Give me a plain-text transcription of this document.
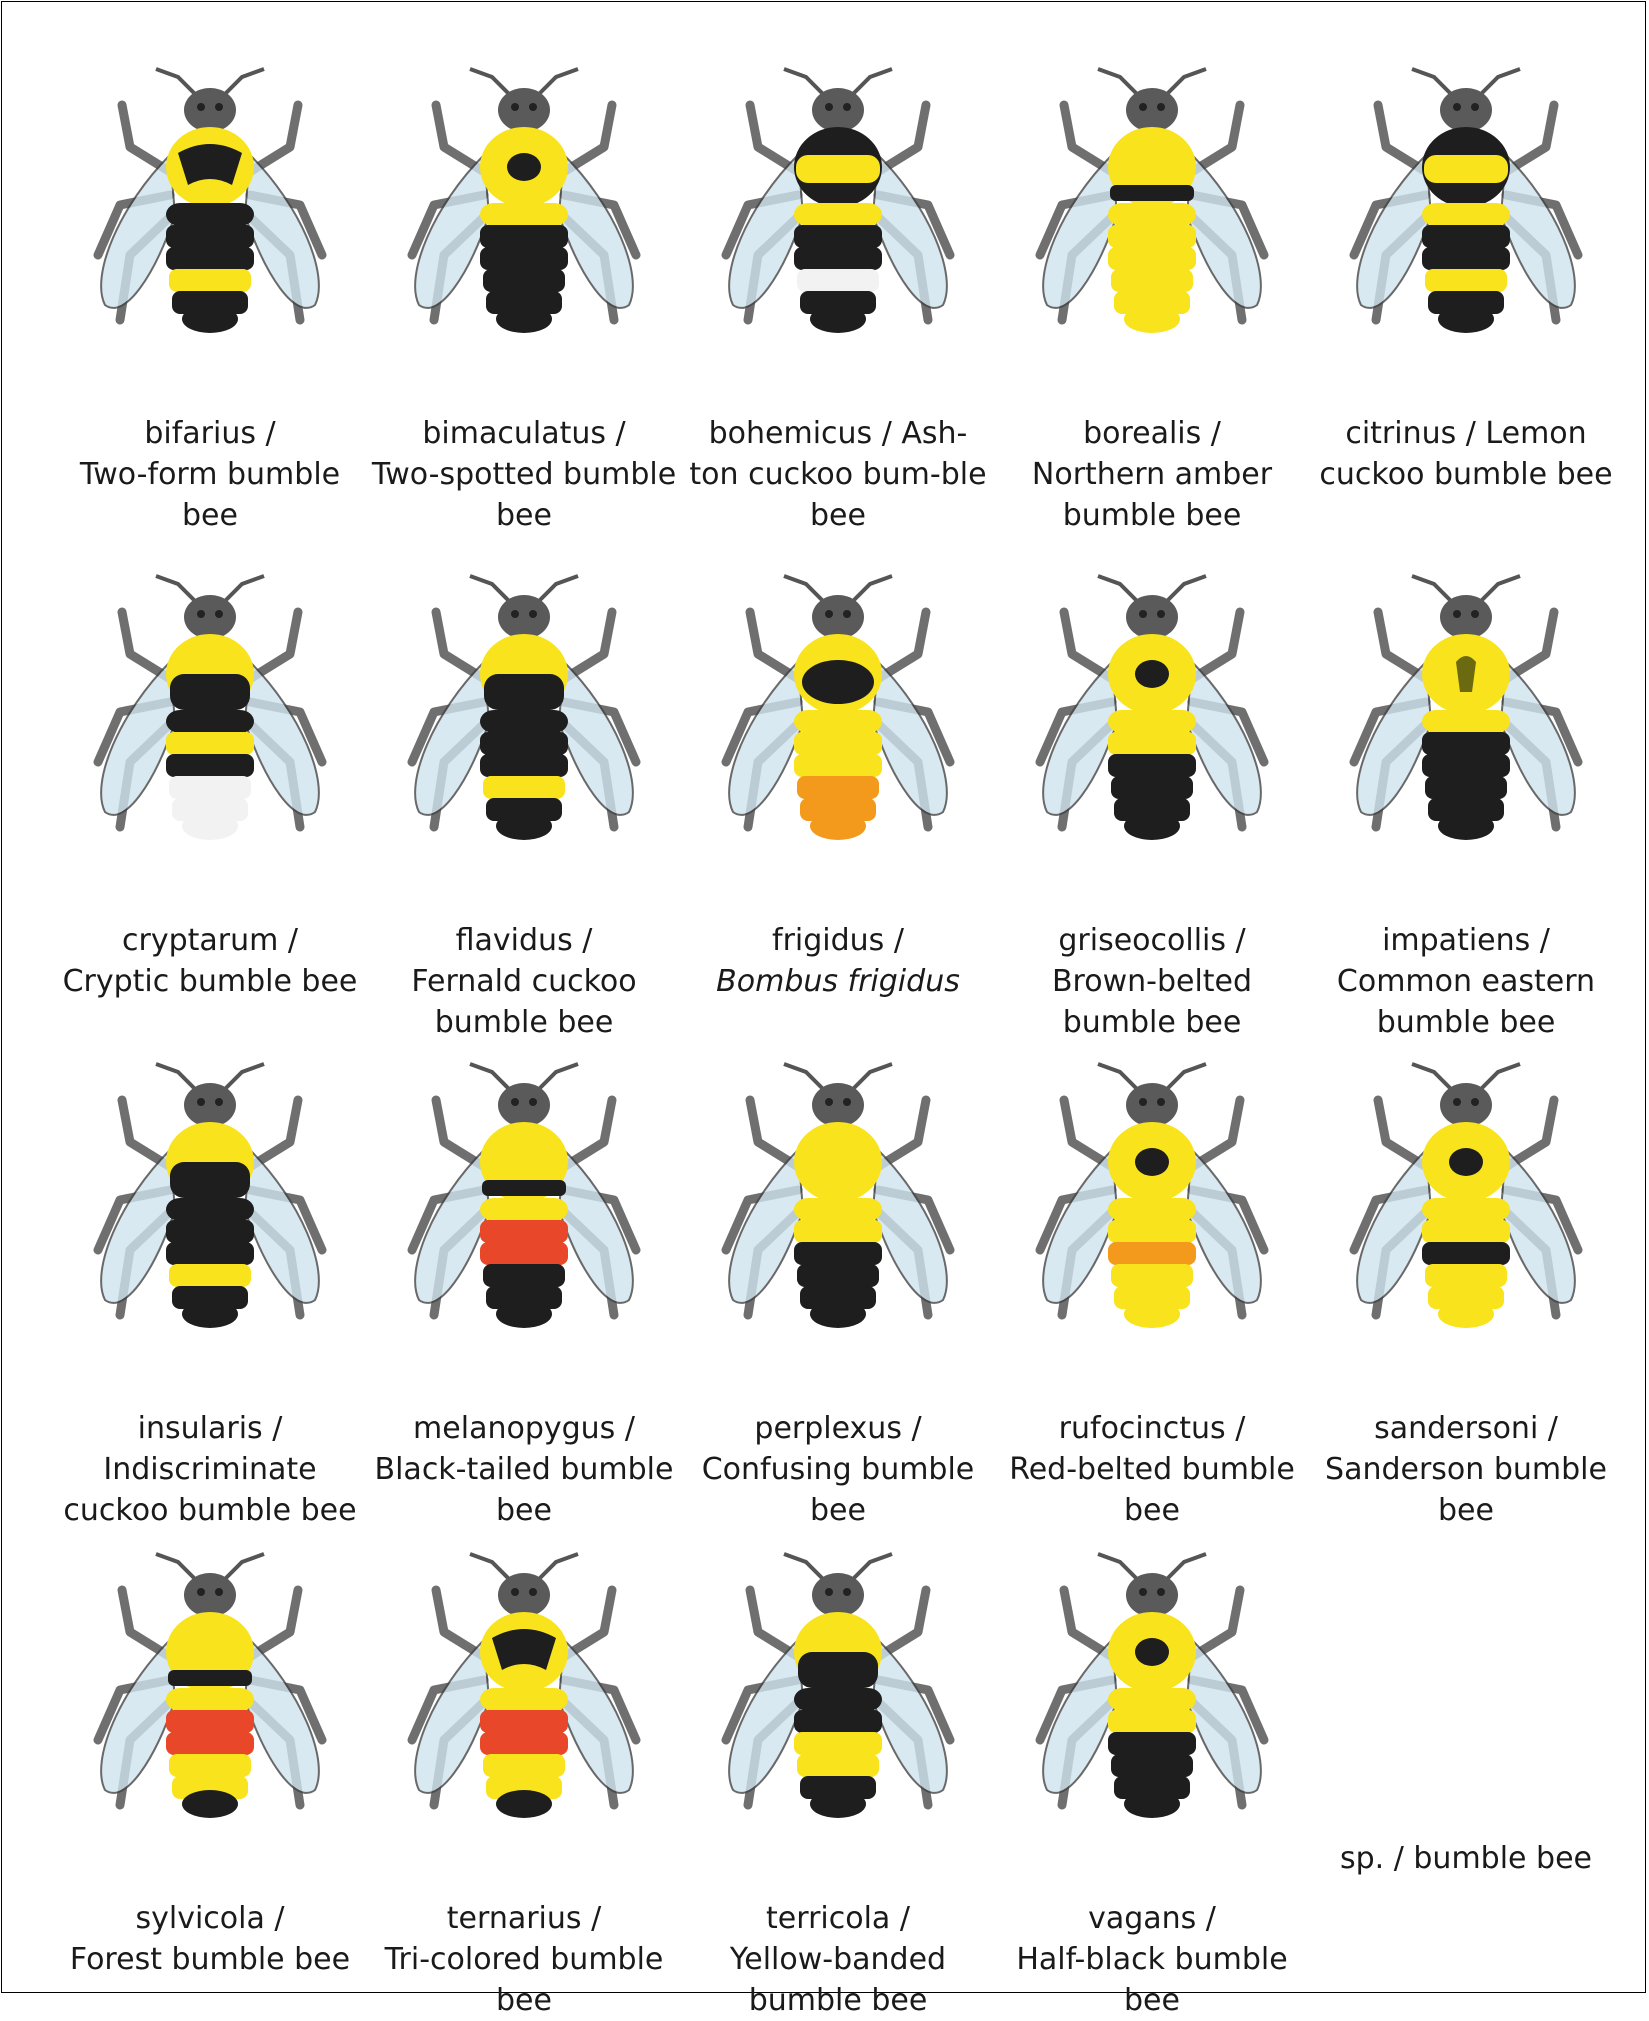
bifarius /
Two-form bumble bee
bimaculatus /
Two-spotted bumble bee
bohemicus / Ash-
ton cuckoo bum-ble bee
borealis /
Northern amber bumble bee
citrinus / Lemon
cuckoo bumble bee
cryptarum /
Cryptic bumble bee
flavidus /
Fernald cuckoo bumble bee
frigidus /
Bombus frigidus
griseocollis /
Brown-belted bumble bee
impatiens /
Common eastern bumble bee
insularis /
Indiscriminate cuckoo bumble bee
melanopygus /
Black-tailed bumble bee
perplexus /
Confusing bumble bee
rufocinctus /
Red-belted bumble bee
sandersoni /
Sanderson bumble bee
sylvicola /
Forest bumble bee
ternarius /
Tri-colored bumble bee
terricola /
Yellow-banded bumble bee
vagans /
Half-black bumble bee
sp. / bumble bee
